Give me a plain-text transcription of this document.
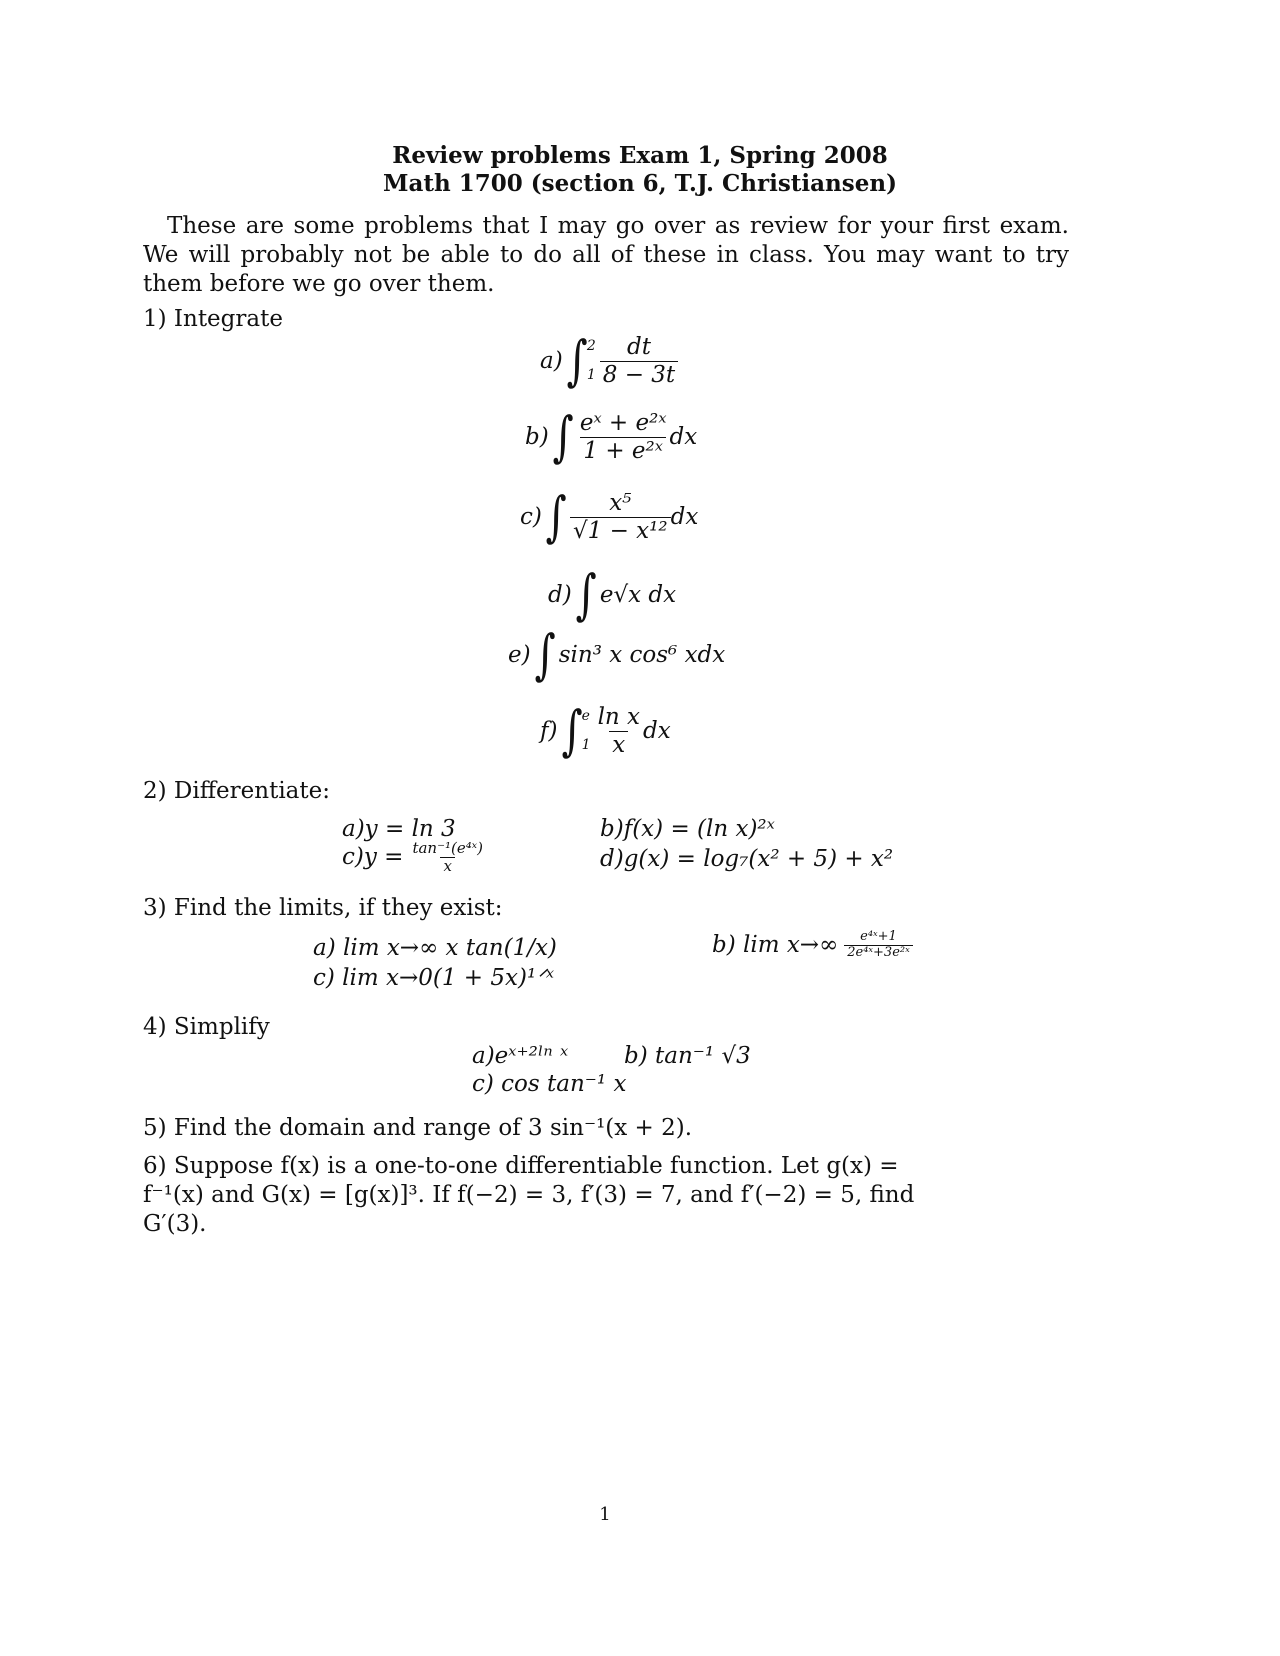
Review problems Exam 1, Spring 2008
Math 1700 (section 6, T.J. Christiansen)
These are some problems that I may go over as review for your first exam. We will probably not be able to do all of these in class. You may want to try them before we go over them.
1) Integrate
a) ∫ 2
$1 \frac{dt}{8 - 3t}$
b) ∫ $\frac{\text{eˣ + e²ˣ}}{\text{1 + e²ˣ}}$ dx
c) ∫ $\frac{\text{x⁵}}{\text{√1 − x¹²}}$ dx
d) ∫ e√x dx
e) ∫ sin³ x cos⁶ xdx
f) ∫ e
$1 \frac{\text{ln x}}{x}$ dx
2) Differentiate:
a)y = ln 3	b)f(x) = (ln x)²ˣ
$c)y = \frac{\text{tan⁻¹(e⁴ˣ)}}{x}$	d)g(x) = log₇(x² + 5) + x²
3) Find the limits, if they exist:
a) lim x→∞ x tan(1/x)	b) $\lim x\to\infty \frac{\text{e⁴ˣ+1}}{\text{2e⁴ˣ+3e²ˣ}}$
c) lim x→0(1 + 5x)¹ᐟˣ
4) Simplify
a)eˣ⁺²ˡⁿ ˣ b) tan⁻¹ √3
c) cos tan⁻¹ x
5) Find the domain and range of 3 sin⁻¹(x + 2).
6) Suppose f(x) is a one-to-one differentiable function. Let g(x) = f⁻¹(x) and G(x) = [g(x)]³. If f(−2) = 3, f′(3) = 7, and f′(−2) = 5, find G′(3).
1
